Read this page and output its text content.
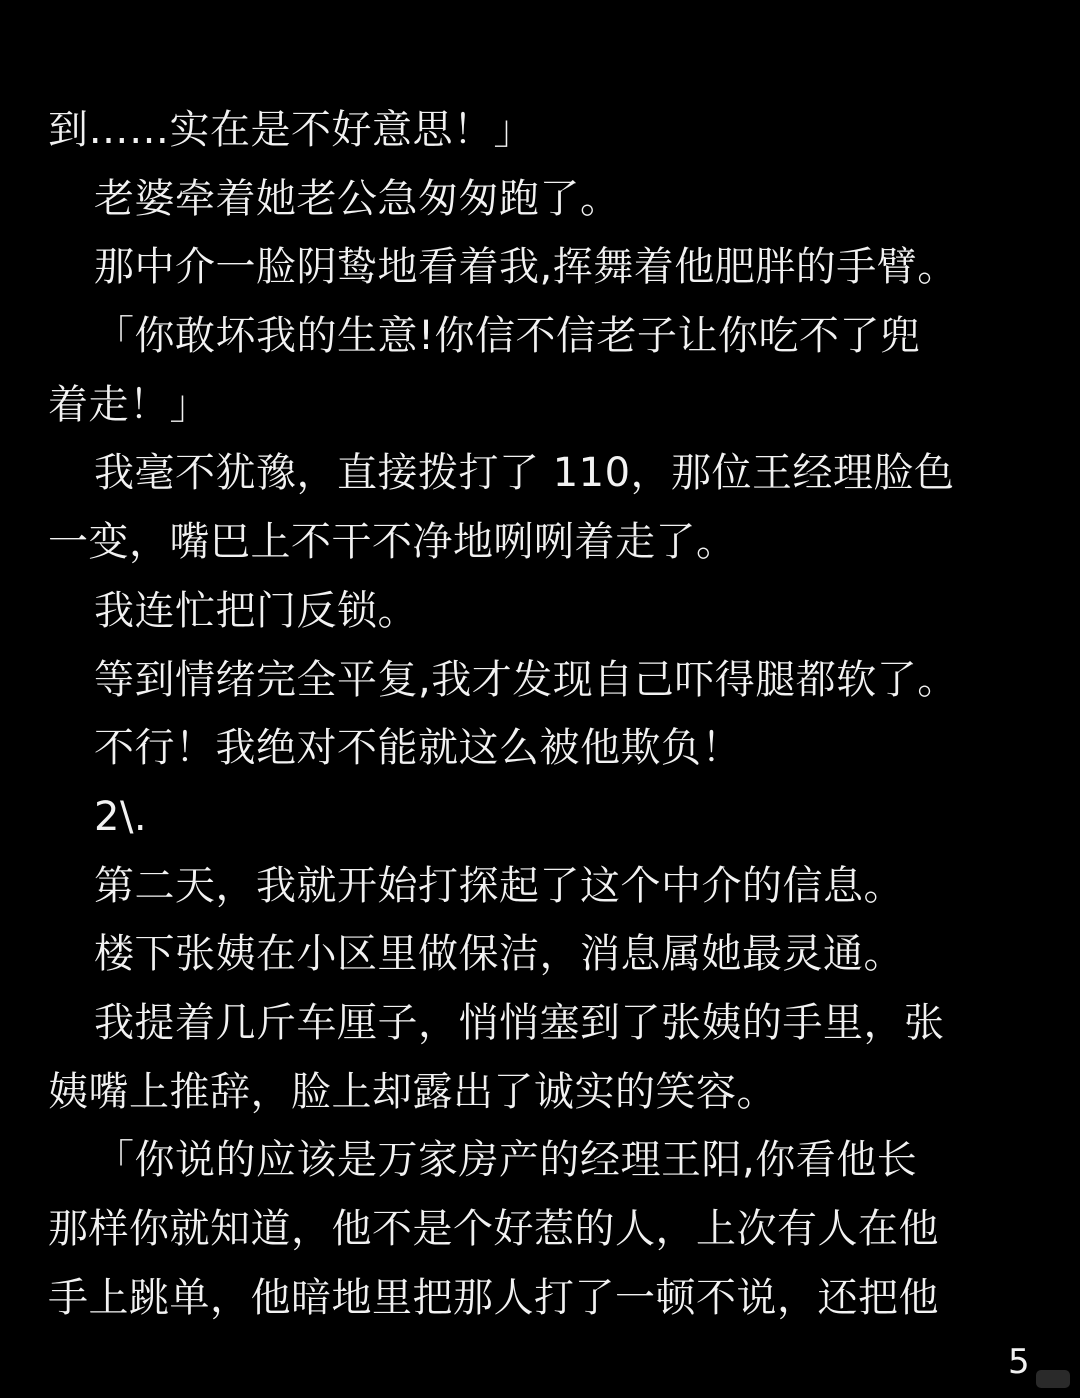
到……实在是不好意思！」
老婆牵着她老公急匆匆跑了。
那中介一脸阴鸷地看着我,挥舞着他肥胖的手臂。
「你敢坏我的生意!你信不信老子让你吃不了兜
着走！」
我毫不犹豫，直接拨打了 110，那位王经理脸色
一变，嘴巴上不干不净地咧咧着走了。
我连忙把门反锁。
等到情绪完全平复,我才发现自己吓得腿都软了。
不行！我绝对不能就这么被他欺负！
2\.
第二天，我就开始打探起了这个中介的信息。
楼下张姨在小区里做保洁，消息属她最灵通。
我提着几斤车厘子，悄悄塞到了张姨的手里，张
姨嘴上推辞，脸上却露出了诚实的笑容。
「你说的应该是万家房产的经理王阳,你看他长
那样你就知道，他不是个好惹的人，上次有人在他
手上跳单，他暗地里把那人打了一顿不说，还把他
5
